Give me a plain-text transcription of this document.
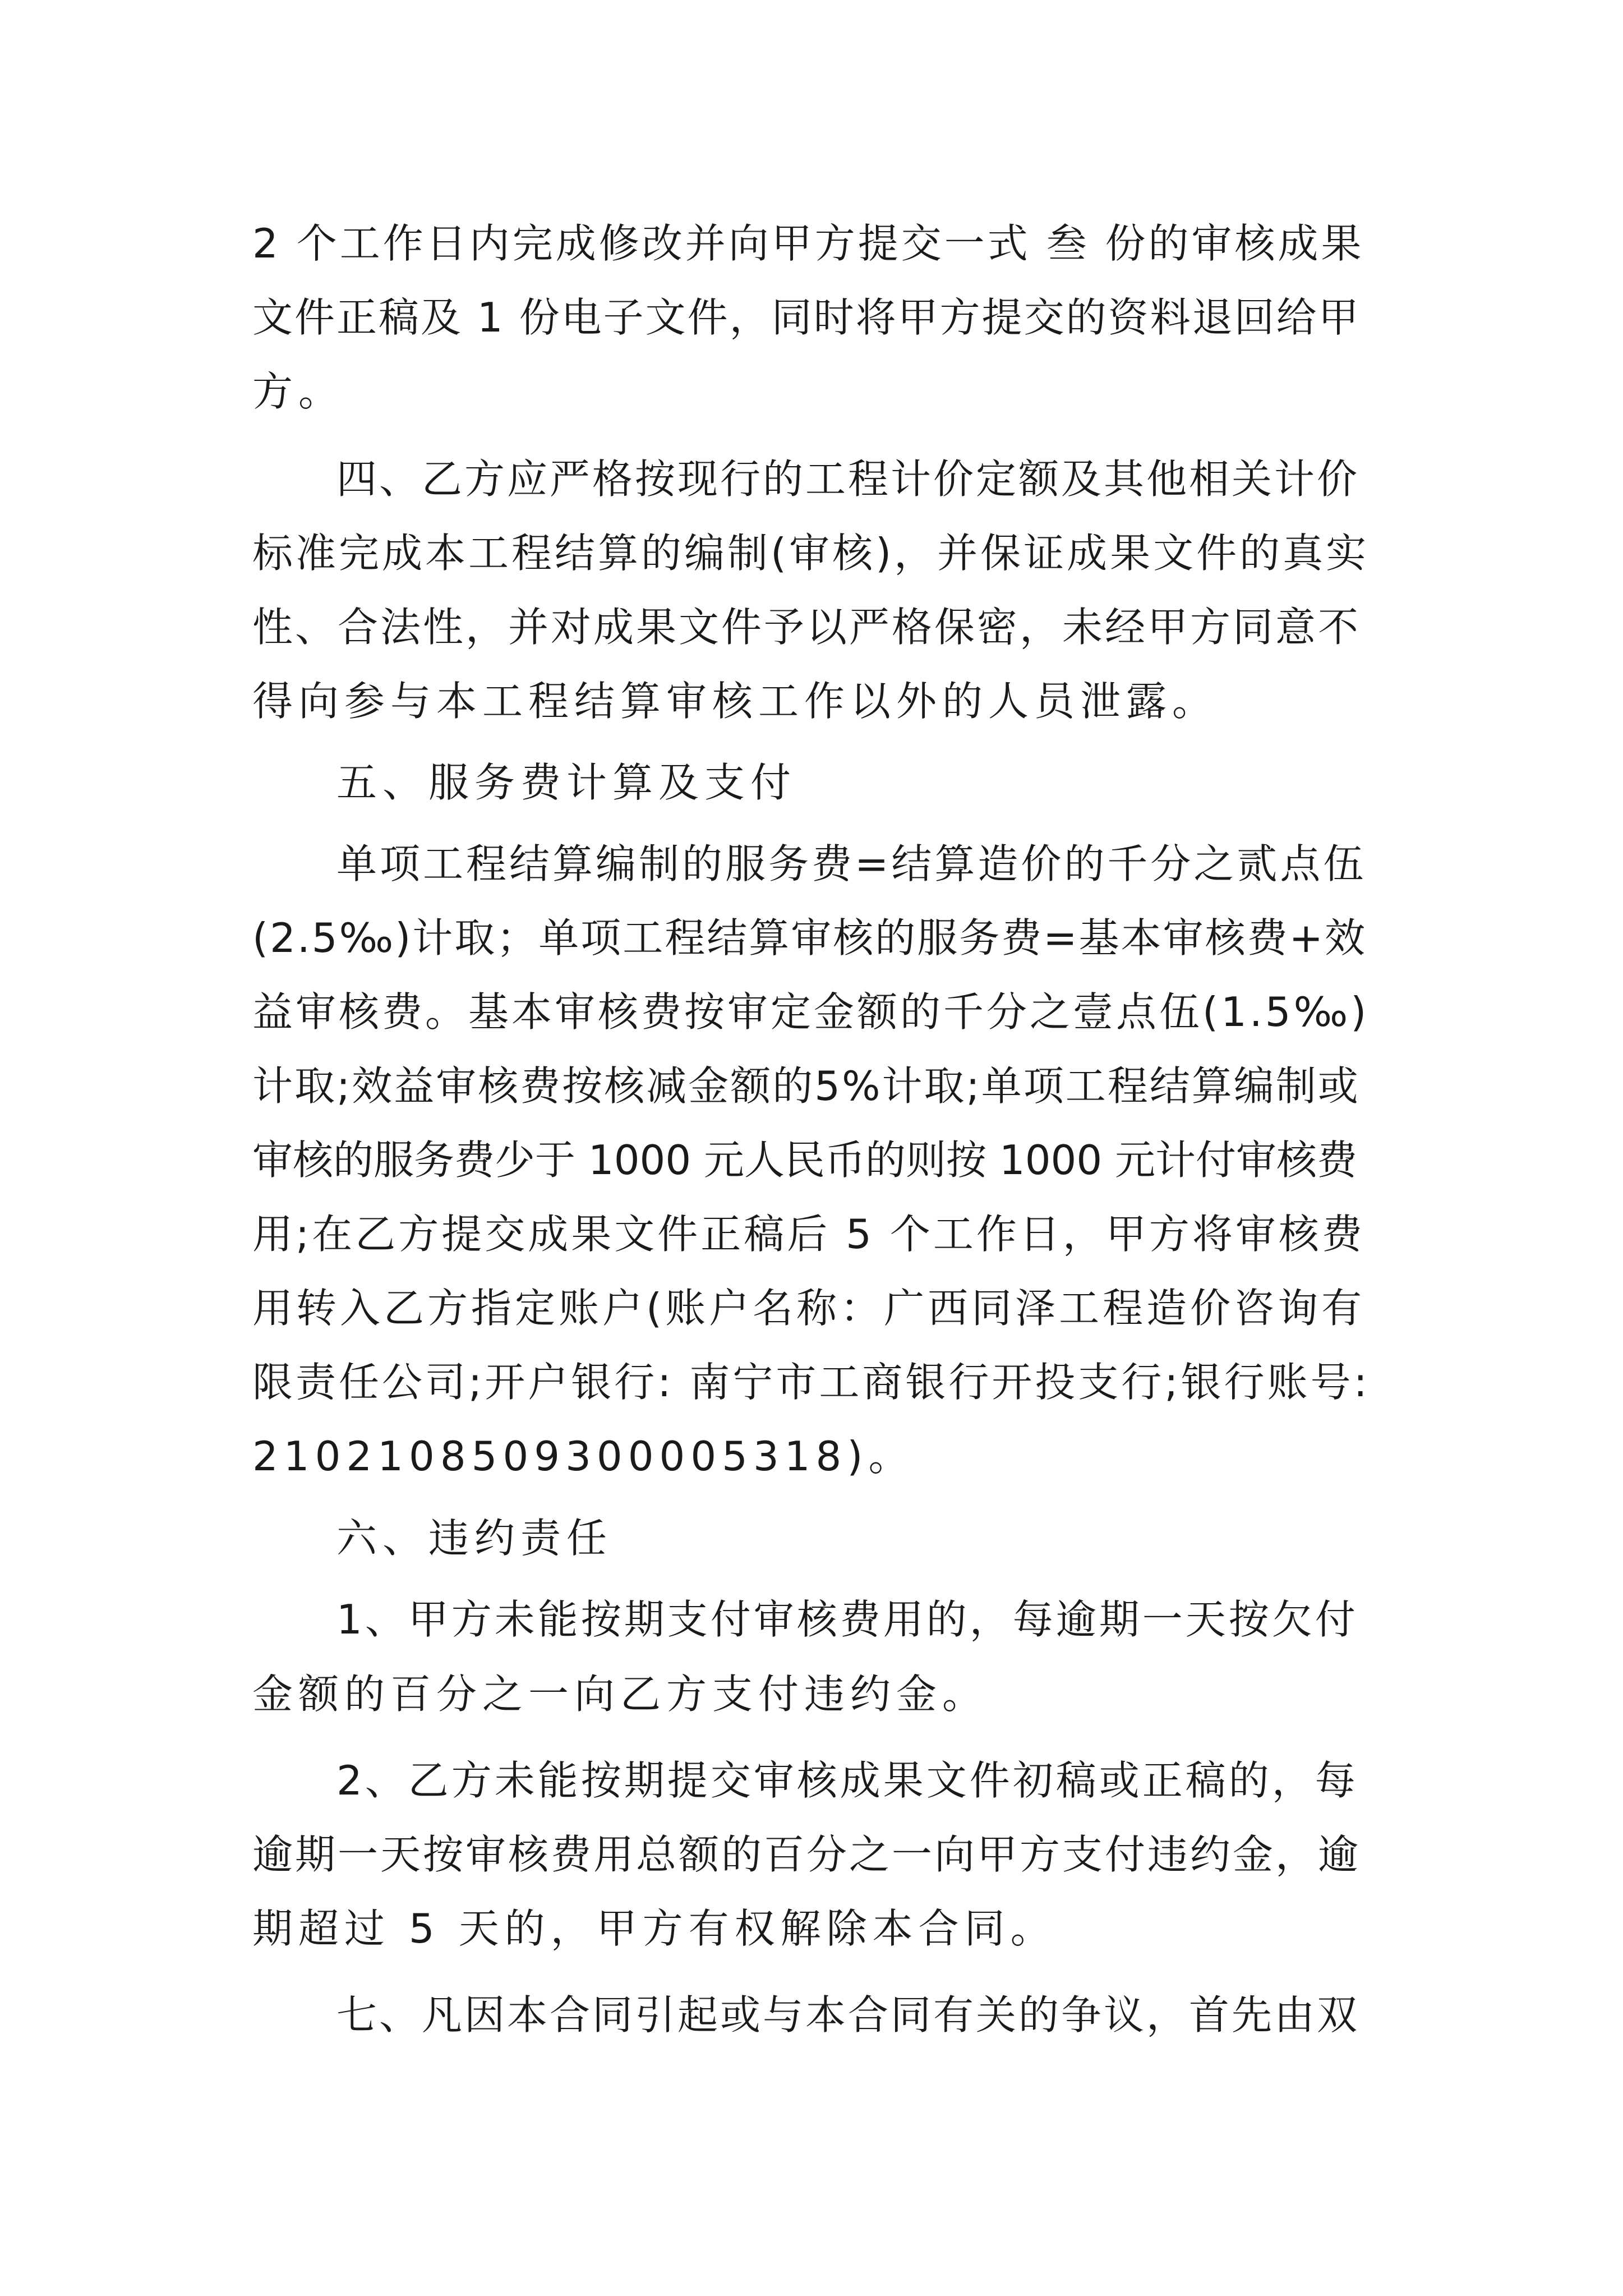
2 个工作日内完成修改并向甲方提交一式 叁 份的审核成果
文件正稿及 1 份电子文件，同时将甲方提交的资料退回给甲
方。
四、乙方应严格按现行的工程计价定额及其他相关计价
标准完成本工程结算的编制(审核)，并保证成果文件的真实
性、合法性，并对成果文件予以严格保密，未经甲方同意不
得向参与本工程结算审核工作以外的人员泄露。
五、服务费计算及支付
单项工程结算编制的服务费=结算造价的千分之贰点伍
(2.5‰)计取；单项工程结算审核的服务费=基本审核费+效
益审核费。基本审核费按审定金额的千分之壹点伍(1.5‰)
计取;效益审核费按核减金额的5%计取;单项工程结算编制或
审核的服务费少于 1000 元人民币的则按 1000 元计付审核费
用;在乙方提交成果文件正稿后 5 个工作日，甲方将审核费
用转入乙方指定账户(账户名称：广西同泽工程造价咨询有
限责任公司;开户银行: 南宁市工商银行开投支行;银行账号:
2102108509300005318)。
六、违约责任
1、甲方未能按期支付审核费用的，每逾期一天按欠付
金额的百分之一向乙方支付违约金。
2、乙方未能按期提交审核成果文件初稿或正稿的，每
逾期一天按审核费用总额的百分之一向甲方支付违约金，逾
期超过 5 天的，甲方有权解除本合同。
七、凡因本合同引起或与本合同有关的争议，首先由双
